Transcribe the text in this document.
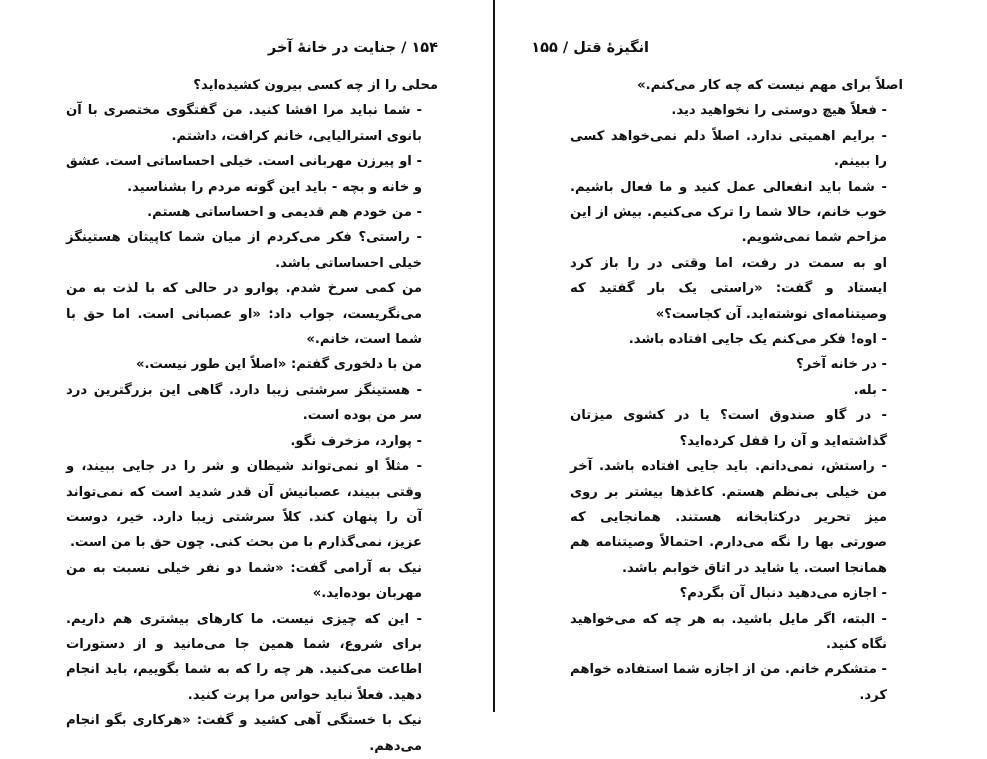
۱۵۴ / جنایت در خانهٔ آخر

محلی را از چه کسی بیرون کشیده‌اید؟

- شما نباید مرا افشا کنید. من گفتگوی مختصری با آن بانوی استرالیایی، خانم کرافت، داشتم.

- او پیرزن مهربانی است. خیلی احساساتی است. عشق و خانه و بچه - باید این گونه مردم را بشناسید.

- من خودم هم قدیمی و احساساتی هستم.

- راستی؟ فکر می‌کردم از میان شما کاپیتان هستینگز خیلی احساساتی باشد.

من کمی سرخ شدم. پوارو در حالی که با لذت به من می‌نگریست، جواب داد: «او عصبانی است. اما حق با شما است، خانم.»

من با دلخوری گفتم: «اصلاً این طور نیست.»

- هستینگز سرشتی زیبا دارد. گاهی این بزرگترین درد سر من بوده است.

- پوارد، مزخرف نگو.

- مثلاً او نمی‌تواند شیطان و شر را در جایی ببیند، و وقتی ببیند، عصبانیش آن قدر شدید است که نمی‌تواند آن را پنهان کند. کلاً سرشتی زیبا دارد. خیر، دوست عزیز، نمی‌گذارم با من بحث کنی. چون حق با من است.

نیک به آرامی گفت: «شما دو نفر خیلی نسبت به من مهربان بوده‌اید.»

- این که چیزی نیست. ما کارهای بیشتری هم داریم. برای شروع، شما همین جا می‌مانید و از دستورات اطاعت می‌کنید. هر چه را که به شما بگوییم، باید انجام دهید. فعلاً نباید حواس مرا پرت کنید.

نیک با خستگی آهی کشید و گفت: «هرکاری بگو انجام می‌دهم.

انگیزهٔ قتل / ۱۵۵

اصلاً برای مهم نیست که چه کار می‌کنم.»

- فعلاً هیچ دوستی را نخواهید دید.

- برایم اهمیتی ندارد. اصلاً دلم نمی‌خواهد کسی را ببینم.

- شما باید انفعالی عمل کنید و ما فعال باشیم. خوب خانم، حالا شما را ترک می‌کنیم. بیش از این مزاحم شما نمی‌شویم.

او به سمت در رفت، اما وقتی در را باز کرد ایستاد و گفت: «راستی یک بار گفتید که وصیتنامه‌ای نوشته‌اید. آن کجاست؟»

- اوه! فکر می‌کنم یک جایی افتاده باشد.

- در خانه آخر؟

- بله.

- در گاو صندوق است؟ یا در کشوی میزتان گذاشته‌اید و آن را قفل کرده‌اید؟

- راستش، نمی‌دانم. باید جایی افتاده باشد. آخر من خیلی بی‌نظم هستم. کاغذها بیشتر بر روی میز تحریر درکتابخانه هستند. همانجایی که صورتی بها را نگه می‌دارم. احتمالاً وصیتنامه هم همانجا است. یا شاید در اتاق خوابم باشد.

- اجازه می‌دهید دنبال آن بگردم؟

- البته، اگر مایل باشید. به هر چه که می‌خواهید نگاه کنید.

- متشکرم خانم. من از اجازه شما استفاده خواهم کرد.
